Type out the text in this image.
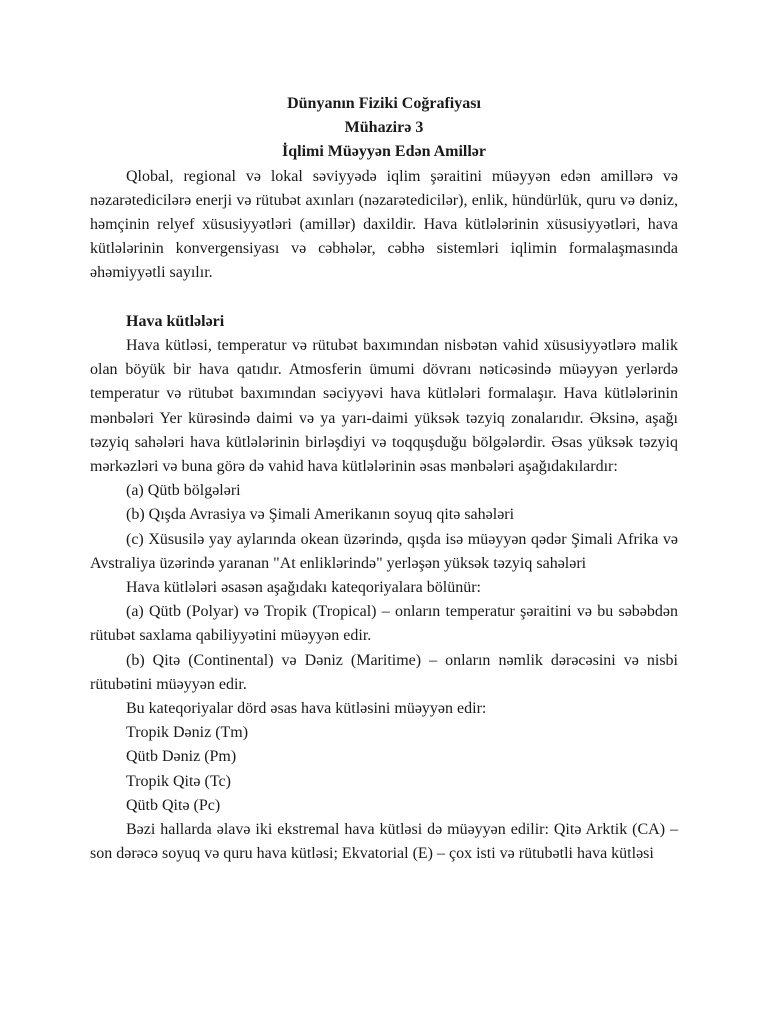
Dünyanın Fiziki Coğrafiyası

Mühazirə 3

İqlimi Müəyyən Edən Amillər

Qlobal, regional və lokal səviyyədə iqlim şəraitini müəyyən edən amillərə və nəzarətedicilərə enerji və rütubət axınları (nəzarətedicilər), enlik, hündürlük, quru və dəniz, həmçinin relyef xüsusiyyətləri (amillər) daxildir. Hava kütlələrinin xüsusiyyətləri, hava kütlələrinin konvergensiyası və cəbhələr, cəbhə sistemləri iqlimin formalaşmasında əhəmiyyətli sayılır.

Hava kütlələri

Hava kütləsi, temperatur və rütubət baxımından nisbətən vahid xüsusiyyətlərə malik olan böyük bir hava qatıdır. Atmosferin ümumi dövranı nəticəsində müəyyən yerlərdə temperatur və rütubət baxımından səciyyəvi hava kütlələri formalaşır. Hava kütlələrinin mənbələri Yer kürəsində daimi və ya yarı-daimi yüksək təzyiq zonalarıdır. Əksinə, aşağı təzyiq sahələri hava kütlələrinin birləşdiyi və toqquşduğu bölgələrdir. Əsas yüksək təzyiq mərkəzləri və buna görə də vahid hava kütlələrinin əsas mənbələri aşağıdakılardır:

(a) Qütb bölgələri

(b) Qışda Avrasiya və Şimali Amerikanın soyuq qitə sahələri

(c) Xüsusilə yay aylarında okean üzərində, qışda isə müəyyən qədər Şimali Afrika və Avstraliya üzərində yaranan "At enliklərində" yerləşən yüksək təzyiq sahələri

Hava kütlələri əsasən aşağıdakı kateqoriyalara bölünür:

(a) Qütb (Polyar) və Tropik (Tropical) – onların temperatur şəraitini və bu səbəbdən rütubət saxlama qabiliyyətini müəyyən edir.

(b) Qitə (Continental) və Dəniz (Maritime) – onların nəmlik dərəcəsini və nisbi rütubətini müəyyən edir.

Bu kateqoriyalar dörd əsas hava kütləsini müəyyən edir:

Tropik Dəniz (Tm)

Qütb Dəniz (Pm)

Tropik Qitə (Tc)

Qütb Qitə (Pc)

Bəzi hallarda əlavə iki ekstremal hava kütləsi də müəyyən edilir: Qitə Arktik (CA) – son dərəcə soyuq və quru hava kütləsi; Ekvatorial (E) – çox isti və rütubətli hava kütləsi
